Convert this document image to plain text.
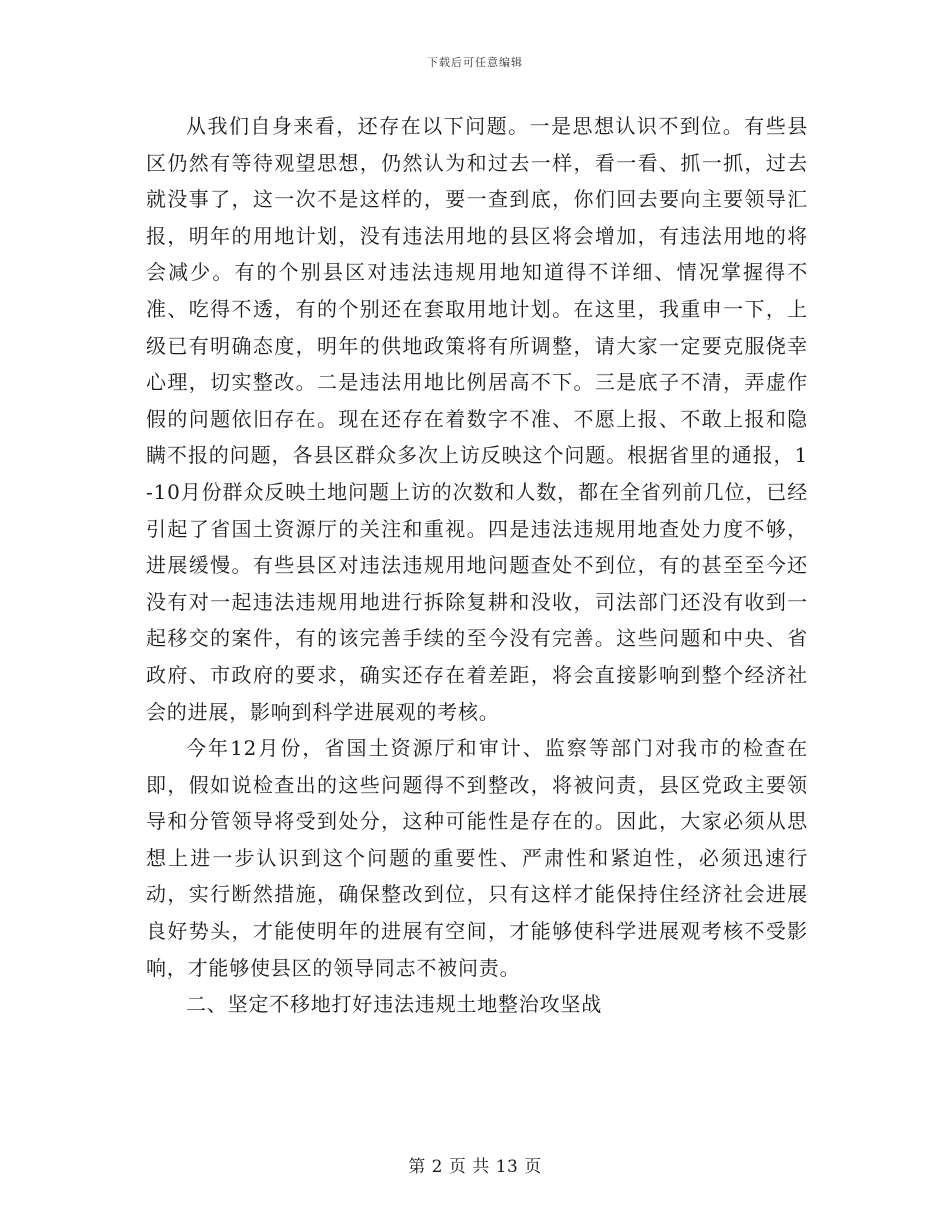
下载后可任意编辑

从我们自身来看，还存在以下问题。一是思想认识不到位。有些县区仍然有等待观望思想，仍然认为和过去一样，看一看、抓一抓，过去就没事了，这一次不是这样的，要一查到底，你们回去要向主要领导汇报，明年的用地计划，没有违法用地的县区将会增加，有违法用地的将会减少。有的个别县区对违法违规用地知道得不详细、情况掌握得不准、吃得不透，有的个别还在套取用地计划。在这里，我重申一下，上级已有明确态度，明年的供地政策将有所调整，请大家一定要克服侥幸心理，切实整改。二是违法用地比例居高不下。三是底子不清，弄虚作假的问题依旧存在。现在还存在着数字不准、不愿上报、不敢上报和隐瞒不报的问题，各县区群众多次上访反映这个问题。根据省里的通报，1-10月份群众反映土地问题上访的次数和人数，都在全省列前几位，已经引起了省国土资源厅的关注和重视。四是违法违规用地查处力度不够，进展缓慢。有些县区对违法违规用地问题查处不到位，有的甚至至今还没有对一起违法违规用地进行拆除复耕和没收，司法部门还没有收到一起移交的案件，有的该完善手续的至今没有完善。这些问题和中央、省政府、市政府的要求，确实还存在着差距，将会直接影响到整个经济社会的进展，影响到科学进展观的考核。

今年12月份，省国土资源厅和审计、监察等部门对我市的检查在即，假如说检查出的这些问题得不到整改，将被问责，县区党政主要领导和分管领导将受到处分，这种可能性是存在的。因此，大家必须从思想上进一步认识到这个问题的重要性、严肃性和紧迫性，必须迅速行动，实行断然措施，确保整改到位，只有这样才能保持住经济社会进展良好势头，才能使明年的进展有空间，才能够使科学进展观考核不受影响，才能够使县区的领导同志不被问责。

二、坚定不移地打好违法违规土地整治攻坚战

第 2 页 共 13 页
